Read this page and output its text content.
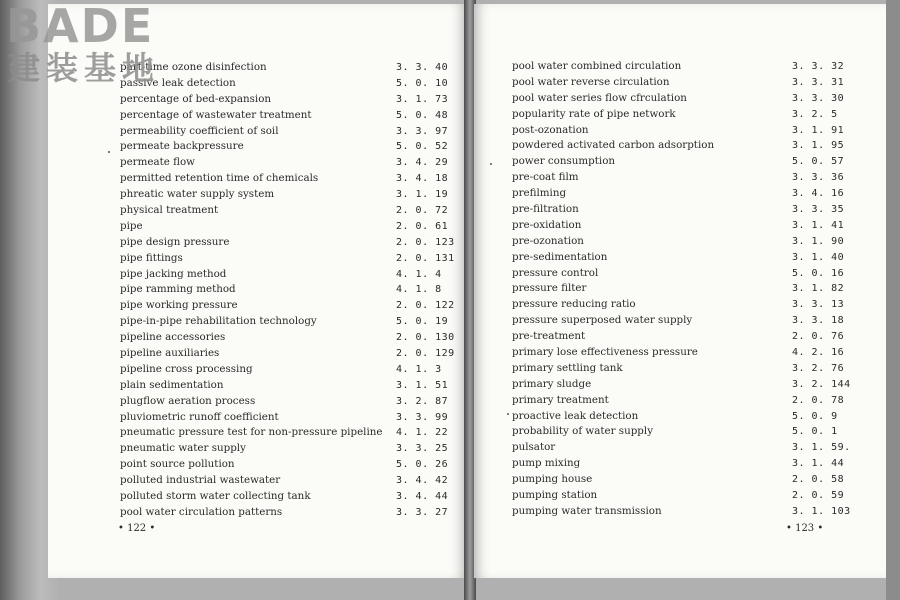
part-time ozone disinfection	3. 3. 40
passive leak detection	5. 0. 10
percentage of bed-expansion	3. 1. 73
percentage of wastewater treatment	5. 0. 48
permeability coefficient of soil	3. 3. 97
permeate backpressure	5. 0. 52
permeate flow	3. 4. 29
permitted retention time of chemicals	3. 4. 18
phreatic water supply system	3. 1. 19
physical treatment	2. 0. 72
pipe	2. 0. 61
pipe design pressure	2. 0. 123
pipe fittings	2. 0. 131
pipe jacking method	4. 1. 4
pipe ramming method	4. 1. 8
pipe working pressure	2. 0. 122
pipe-in-pipe rehabilitation technology	5. 0. 19
pipeline accessories	2. 0. 130
pipeline auxiliaries	2. 0. 129
pipeline cross processing	4. 1. 3
plain sedimentation	3. 1. 51
plugflow aeration process	3. 2. 87
pluviometric runoff coefficient	3. 3. 99
pneumatic pressure test for non-pressure pipeline 4. 1. 22
pneumatic water supply	3. 3. 25
point source pollution	5. 0. 26
polluted industrial wastewater	3. 4. 42
polluted storm water collecting tank	3. 4. 44
pool water circulation patterns	3. 3. 27
pool water combined circulation	3. 3. 32
pool water reverse circulation	3. 3. 31
pool water series flow cfrculation	3. 3. 30
popularity rate of pipe network	3. 2. 5
post-ozonation	3. 1. 91
powdered activated carbon adsorption	3. 1. 95
power consumption	5. 0. 57
pre-coat film	3. 3. 36
prefilming	3. 4. 16
pre-filtration	3. 3. 35
pre-oxidation	3. 1. 41
pre-ozonation	3. 1. 90
pre-sedimentation	3. 1. 40
pressure control	5. 0. 16
pressure filter	3. 1. 82
pressure reducing ratio	3. 3. 13
pressure superposed water supply	3. 3. 18
pre-treatment	2. 0. 76
primary lose effectiveness pressure	4. 2. 16
primary settling tank	3. 2. 76
primary sludge	3. 2. 144
primary treatment	2. 0. 78
proactive leak detection	5. 0. 9
probability of water supply	5. 0. 1
pulsator	3. 1. 59.
pump mixing	3. 1. 44
pumping house	2. 0. 58
pumping station	2. 0. 59
pumping water transmission	3. 1. 103
• 122 •	• 123 •
BADE
建装基地
